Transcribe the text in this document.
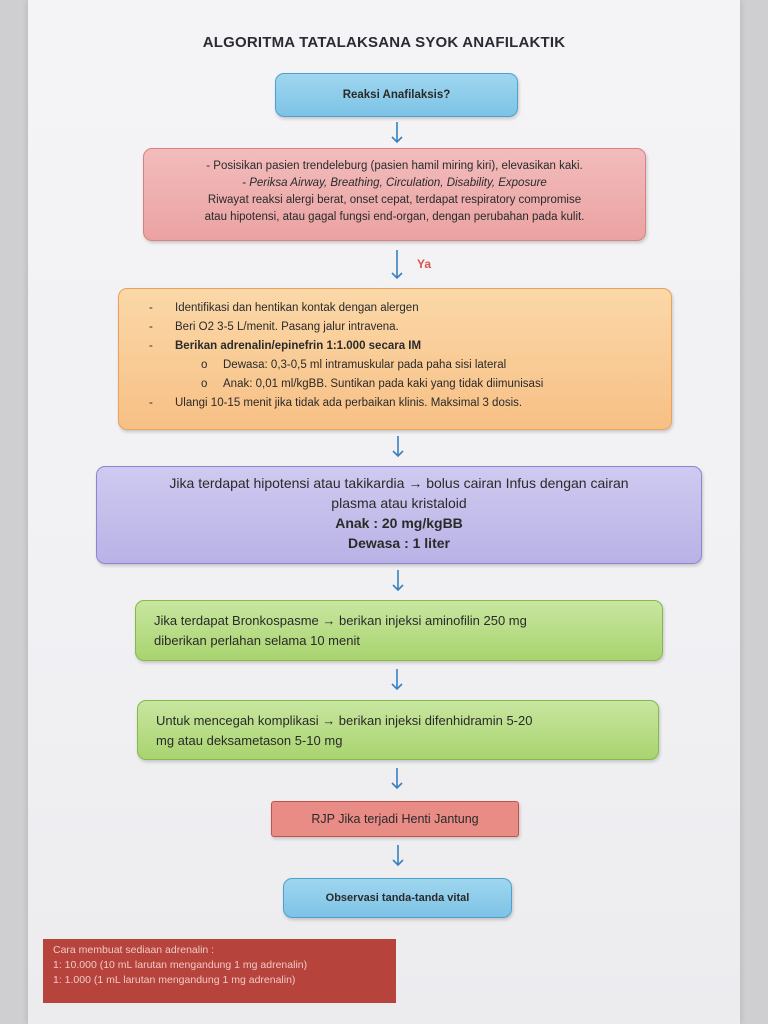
ALGORITMA TATALAKSANA SYOK ANAFILAKTIK
Reaksi Anafilaksis?

- Posisikan pasien trendeleburg (pasien hamil miring kiri), elevasikan kaki.

- Periksa Airway, Breathing, Circulation, Disability, Exposure

Riwayat reaksi alergi berat, onset cepat, terdapat respiratory compromise

atau hipotensi, atau gagal fungsi end-organ, dengan perubahan pada kulit.

Ya
-	Identifikasi dan hentikan kontak dengan alergen
-	Beri O2 3-5 L/menit. Pasang jalur intravena.
-	Berikan adrenalin/epinefrin 1:1.000 secara IM
o	Dewasa: 0,3-0,5 ml intramuskular pada paha sisi lateral
o	Anak: 0,01 ml/kgBB. Suntikan pada kaki yang tidak diimunisasi
-	Ulangi 10-15 menit jika tidak ada perbaikan klinis. Maksimal 3 dosis.

Jika terdapat hipotensi atau takikardia → bolus cairan Infus dengan cairan

plasma atau kristaloid

Anak : 20 mg/kgBB

Dewasa : 1 liter

Jika terdapat Bronkospasme → berikan injeksi aminofilin 250 mg

diberikan perlahan selama 10 menit

Untuk mencegah komplikasi → berikan injeksi difenhidramin 5-20

mg atau deksametason 5-10 mg

RJP Jika terjadi Henti Jantung
Observasi tanda-tanda vital
Cara membuat sediaan adrenalin :
1: 10.000 (10 mL larutan mengandung 1 mg adrenalin)
1: 1.000 (1 mL larutan mengandung 1 mg adrenalin)
